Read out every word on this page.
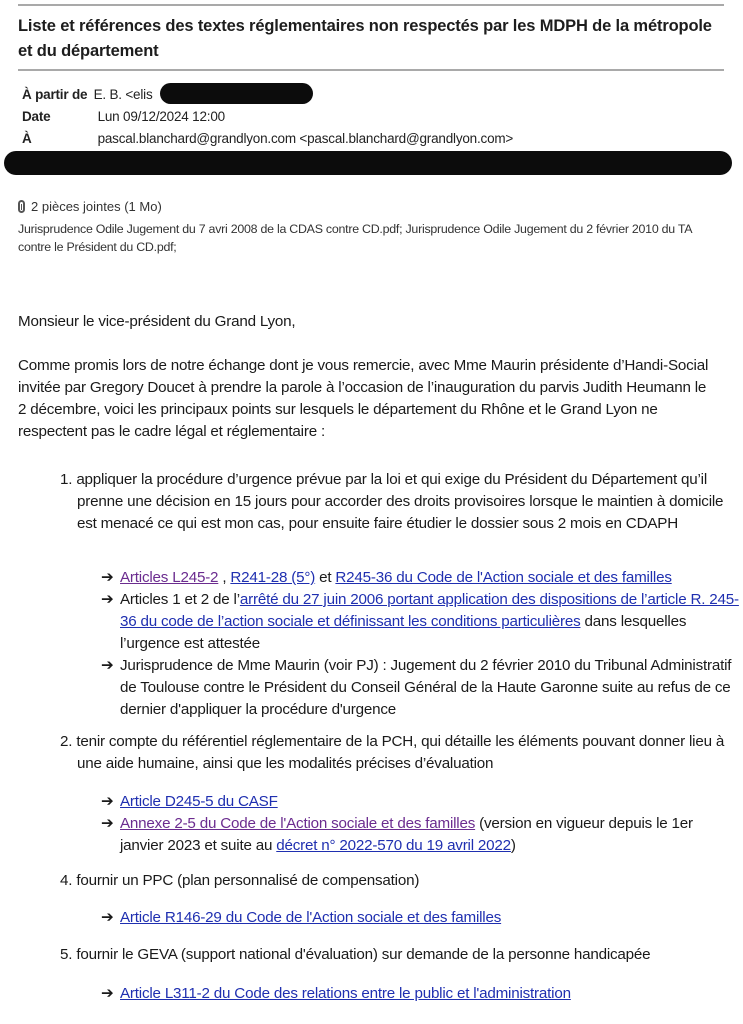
Liste et références des textes réglementaires non respectés par les MDPH de la métropole et du département
À partir de E. B. <elis
Date	Lun 09/12/2024 12:00
À	pascal.blanchard@grandlyon.com <pascal.blanchard@grandlyon.com>
2 pièces jointes (1 Mo)
Jurisprudence Odile Jugement du 7 avri 2008 de la CDAS contre CD.pdf; Jurisprudence Odile Jugement du 2 février 2010 du TA contre le Président du CD.pdf;
Monsieur le vice-président du Grand Lyon,
Comme promis lors de notre échange dont je vous remercie, avec Mme Maurin présidente d’Handi-Social invitée par Gregory Doucet à prendre la parole à l’occasion de l’inauguration du parvis Judith Heumann le 2 décembre, voici les principaux points sur lesquels le département du Rhône et le Grand Lyon ne respectent pas le cadre légal et réglementaire :
1. appliquer la procédure d’urgence prévue par la loi et qui exige du Président du Département qu’il prenne une décision en 15 jours pour accorder des droits provisoires lorsque le maintien à domicile est menacé ce qui est mon cas, pour ensuite faire étudier le dossier sous 2 mois en CDAPH
➔ Articles L245-2 , R241-28 (5°) et R245-36 du Code de l'Action sociale et des familles
➔ Articles 1 et 2 de l’arrêté du 27 juin 2006 portant application des dispositions de l’article R. 245-36 du code de l’action sociale et définissant les conditions particulières dans lesquelles l’urgence est attestée
➔ Jurisprudence de Mme Maurin (voir PJ) : Jugement du 2 février 2010 du Tribunal Administratif de Toulouse contre le Président du Conseil Général de la Haute Garonne suite au refus de ce dernier d'appliquer la procédure d'urgence
2. tenir compte du référentiel réglementaire de la PCH, qui détaille les éléments pouvant donner lieu à une aide humaine, ainsi que les modalités précises d’évaluation
➔ Article D245-5 du CASF
➔ Annexe 2-5 du Code de l'Action sociale et des familles (version en vigueur depuis le 1er janvier 2023 et suite au décret n° 2022-570 du 19 avril 2022)
4. fournir un PPC (plan personnalisé de compensation)
➔ Article R146-29 du Code de l'Action sociale et des familles
5. fournir le GEVA (support national d'évaluation) sur demande de la personne handicapée
➔ Article L311-2 du Code des relations entre le public et l'administration
